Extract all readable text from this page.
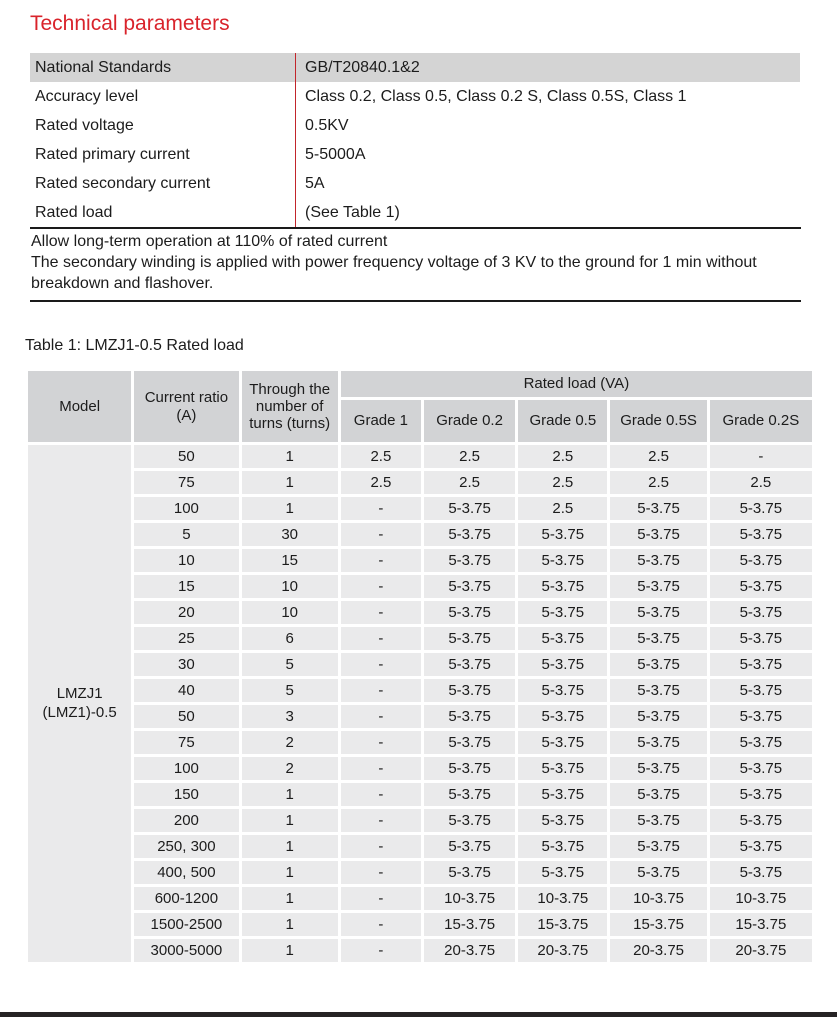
Technical parameters
National Standards	GB/T20840.1&2
Accuracy level	Class 0.2, Class 0.5, Class 0.2 S, Class 0.5S, Class 1
Rated voltage	0.5KV
Rated primary current	5-5000A
Rated secondary current	5A
Rated load	(See Table 1)

Allow long-term operation at 110% of rated current

The secondary winding is applied with power frequency voltage of 3 KV to the ground for 1 min without breakdown and flashover.

Table 1: LMZJ1-0.5 Rated load
Model	Current ratio (A)	Through the number of turns (turns)	Rated load (VA)				
			Grade 1	Grade 0.2	Grade 0.5	Grade 0.5S	Grade 0.2S

LMZJ1
(LMZ1)-0.5	50	1	2.5	2.5	2.5	2.5	-
	75	1	2.5	2.5	2.5	2.5	2.5
	100	1	-	5-3.75	2.5	5-3.75	5-3.75
	5	30	-	5-3.75	5-3.75	5-3.75	5-3.75
	10	15	-	5-3.75	5-3.75	5-3.75	5-3.75
	15	10	-	5-3.75	5-3.75	5-3.75	5-3.75
	20	10	-	5-3.75	5-3.75	5-3.75	5-3.75
	25	6	-	5-3.75	5-3.75	5-3.75	5-3.75
	30	5	-	5-3.75	5-3.75	5-3.75	5-3.75
	40	5	-	5-3.75	5-3.75	5-3.75	5-3.75
	50	3	-	5-3.75	5-3.75	5-3.75	5-3.75
	75	2	-	5-3.75	5-3.75	5-3.75	5-3.75
	100	2	-	5-3.75	5-3.75	5-3.75	5-3.75
	150	1	-	5-3.75	5-3.75	5-3.75	5-3.75
	200	1	-	5-3.75	5-3.75	5-3.75	5-3.75
	250, 300	1	-	5-3.75	5-3.75	5-3.75	5-3.75
	400, 500	1	-	5-3.75	5-3.75	5-3.75	5-3.75
	600-1200	1	-	10-3.75	10-3.75	10-3.75	10-3.75
	1500-2500	1	-	15-3.75	15-3.75	15-3.75	15-3.75
	3000-5000	1	-	20-3.75	20-3.75	20-3.75	20-3.75
